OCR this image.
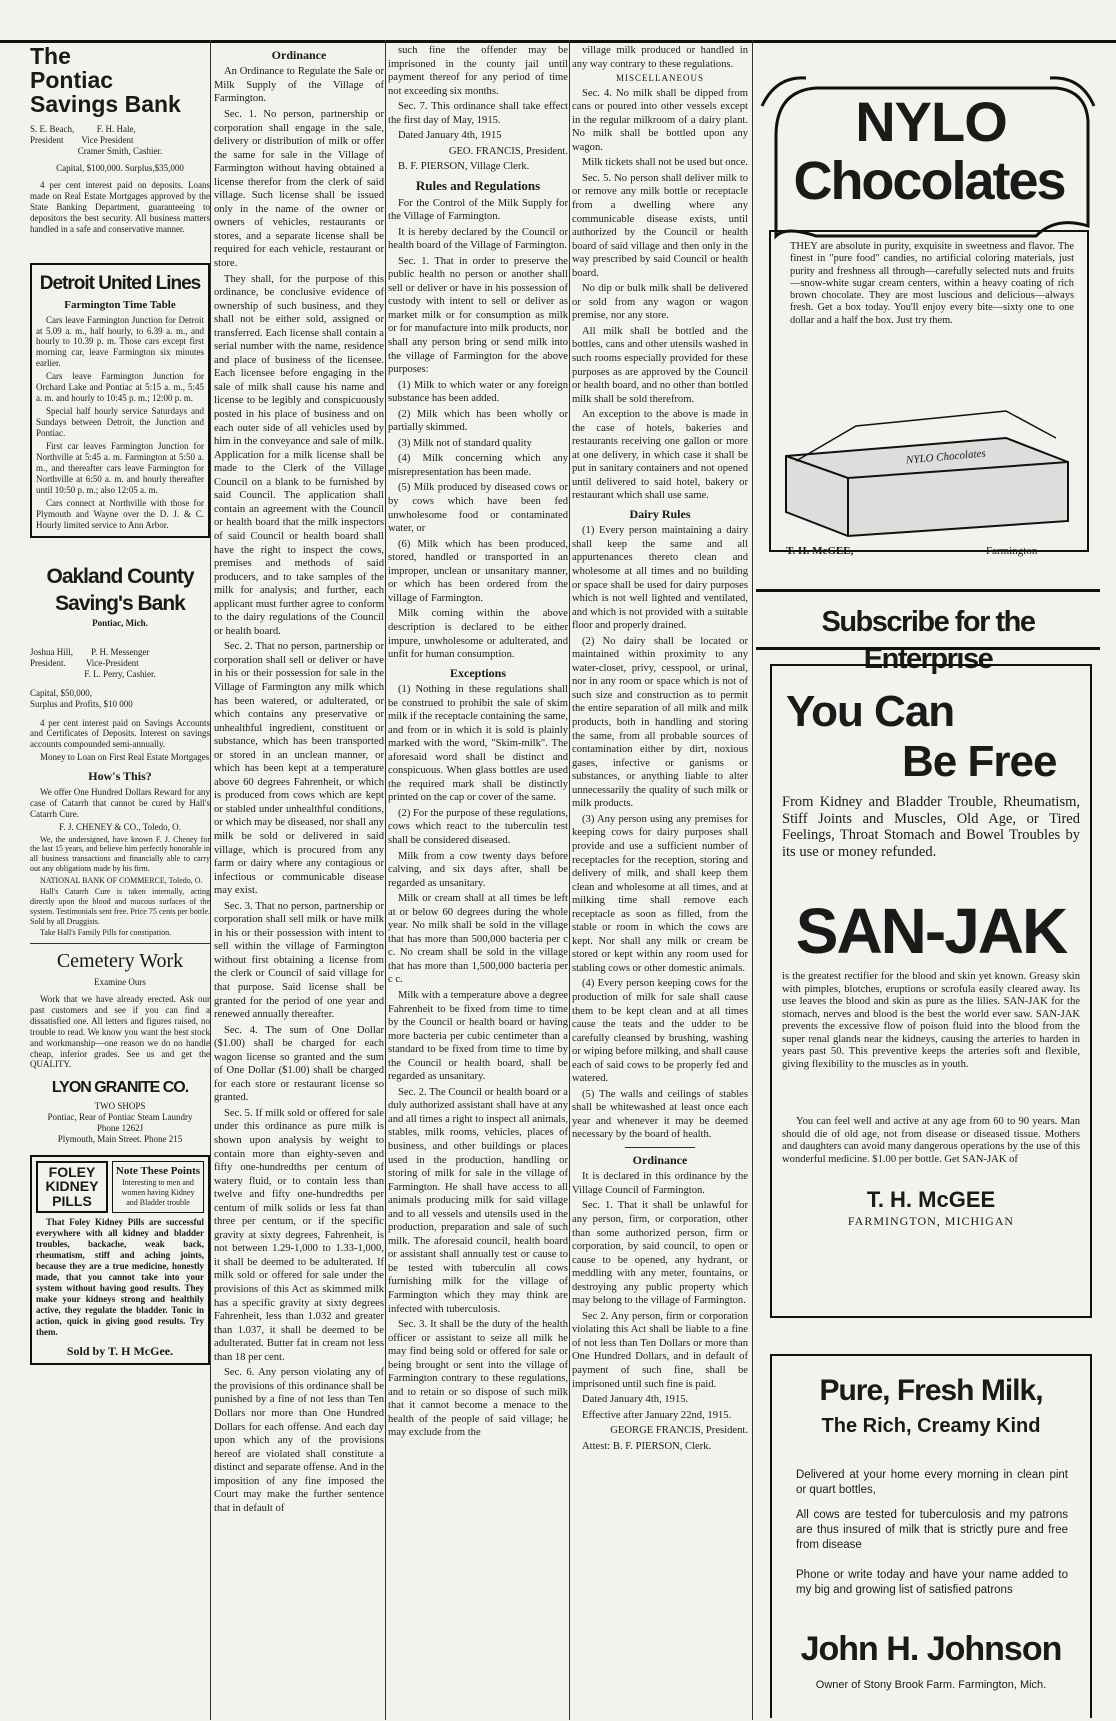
The
Pontiac
Savings Bank
S. E. Beach,          F. H. Hale,
President        Vice President
Cramer Smith, Cashier.
Capital, $100,000. Surplus,$35,000

4 per cent interest paid on deposits. Loans made on Real Estate Mortgages approved by the State Banking Department, guaranteeing to depositors the best security. All business matters handled in a safe and conservative manner.

Detroit United Lines
Farmington Time Table

Cars leave Farmington Junction for Detroit at 5.09 a. m., half hourly, to 6.39 a. m., and hourly to 10.39 p. m. Those cars except first morning car, leave Farmington six minutes earlier.

Cars leave Farmington Junction for Orchard Lake and Pontiac at 5:15 a. m., 5:45 a. m. and hourly to 10:45 p. m.; 12:00 p. m.

Special half hourly service Saturdays and Sundays between Detroit, the Junction and Pontiac.

First car leaves Farmington Junction for Northville at 5:45 a. m. Farmington at 5:50 a. m., and thereafter cars leave Farmington for Northville at 6:50 a. m. and hourly thereafter until 10:50 p. m.; also 12:05 a. m.

Cars connect at Northville with those for Plymouth and Wayne over the D. J. & C. Hourly limited service to Ann Arbor.

Oakland County
Saving's Bank
Pontiac, Mich.
Joshua Hill,        P. H. Messenger
President.         Vice-President
F. L. Perry, Cashier.
Capital, $50,000,
Surplus and Profits, $10 000

4 per cent interest paid on Savings Accounts and Certificates of Deposits. Interest on savings accounts compounded semi-annually.

Money to Loan on First Real Estate Mortgages

How's This?

We offer One Hundred Dollars Reward for any case of Catarrh that cannot be cured by Hall's Catarrh Cure.

F. J. CHENEY & CO., Toledo, O.

We, the undersigned, have known F. J. Cheney for the last 15 years, and believe him perfectly honorable in all business transactions and financially able to carry out any obligations made by his firm.

NATIONAL BANK OF COMMERCE, Toledo, O.

Hall's Catarrh Cure is taken internally, acting directly upon the blood and mucous surfaces of the system. Testimonials sent free. Price 75 cents per bottle. Sold by all Druggists.

Take Hall's Family Pills for constipation.

Cemetery Work
Examine Ours

Work that we have already erected. Ask our past customers and see if you can find a dissatisfied one. All letters and figures raised, no trouble to read. We know you want the best stock and workmanship—one reason we do no handle cheap, inferior grades. See us and get the QUALITY.

LYON GRANITE CO.
TWO SHOPS
Pontiac, Rear of Pontiac Steam Laundry
Phone 1262J
Plymouth, Main Street. Phone 215
FOLEY KIDNEY PILLS
Note These Points
Interesting to men and women having Kidney and Bladder trouble

That Foley Kidney Pills are successful everywhere with all kidney and bladder troubles, backache, weak back, rheumatism, stiff and aching joints, because they are a true medicine, honestly made, that you cannot take into your system without having good results. They make your kidneys strong and healthily active, they regulate the bladder. Tonic in action, quick in giving good results. Try them.

Sold by T. H McGee.
Ordinance

An Ordinance to Regulate the Sale or Milk Supply of the Village of Farmington.

Sec. 1. No person, partnership or corporation shall engage in the sale, delivery or distribution of milk or offer the same for sale in the Village of Farmington without having obtained a license therefor from the clerk of said village. Such license shall be issued only in the name of the owner or owners of vehicles, restaurants or stores, and a separate license shall be required for each vehicle, restaurant or store.

They shall, for the purpose of this ordinance, be conclusive evidence of ownership of such business, and they shall not be either sold, assigned or transferred. Each license shall contain a serial number with the name, residence and place of business of the licensee. Each licensee before engaging in the sale of milk shall cause his name and license to be legibly and conspicuously posted in his place of business and on each outer side of all vehicles used by him in the conveyance and sale of milk. Application for a milk license shall be made to the Clerk of the Village Council on a blank to be furnished by said Council. The application shall contain an agreement with the Council or health board that the milk inspectors of said Council or health board shall have the right to inspect the cows, premises and methods of said producers, and to take samples of the milk for analysis; and further, each applicant must further agree to conform to the dairy regulations of the Council or health board.

Sec. 2. That no person, partnership or corporation shall sell or deliver or have in his or their possession for sale in the Village of Farmington any milk which has been watered, or adulterated, or which contains any preservative or unhealthful ingredient, constituent or substance, which has been transported or stored in an unclean manner, or which has been kept at a temperature above 60 degrees Fahrenheit, or which is produced from cows which are kept or stabled under unhealthful conditions, or which may be diseased, nor shall any milk be sold or delivered in said village, which is procured from any farm or dairy where any contagious or infectious or communicable disease may exist.

Sec. 3. That no person, partnership or corporation shall sell milk or have milk in his or their possession with intent to sell within the village of Farmington without first obtaining a license from the clerk or Council of said village for that purpose. Said license shall be granted for the period of one year and renewed annually thereafter.

Sec. 4. The sum of One Dollar ($1.00) shall be charged for each wagon license so granted and the sum of One Dollar ($1.00) shall be charged for each store or restaurant license so granted.

Sec. 5. If milk sold or offered for sale under this ordinance as pure milk is shown upon analysis by weight to contain more than eighty-seven and fifty one-hundredths per centum of watery fluid, or to contain less than twelve and fifty one-hundredths per centum of milk solids or less fat than three per centum, or if the specific gravity at sixty degrees, Fahrenheit, is not between 1.29-1,000 to 1.33-1,000, it shall be deemed to be adulterated. If milk sold or offered for sale under the provisions of this Act as skimmed milk has a specific gravity at sixty degrees Fahrenheit, less than 1.032 and greater than 1.037, it shall be deemed to be adulterated. Butter fat in cream not less than 18 per cent.

Sec. 6. Any person violating any of the provisions of this ordinance shall be punished by a fine of not less than Ten Dollars nor more than One Hundred Dollars for each offense. And each day upon which any of the provisions hereof are violated shall constitute a distinct and separate offense. And in the imposition of any fine imposed the Court may make the further sentence that in default of

such fine the offender may be imprisoned in the county jail until payment thereof for any period of time not exceeding six months.

Sec. 7. This ordinance shall take effect the first day of May, 1915.

Dated January 4th, 1915

GEO. FRANCIS, President.

B. F. PIERSON, Village Clerk.

Rules and Regulations

For the Control of the Milk Supply for the Village of Farmington.

It is hereby declared by the Council or health board of the Village of Farmington.

Sec. 1. That in order to preserve the public health no person or another shall sell or deliver or have in his possession of custody with intent to sell or deliver as market milk or for consumption as milk or for manufacture into milk products, nor shall any person bring or send milk into the village of Farmington for the above purposes:

(1) Milk to which water or any foreign substance has been added.

(2) Milk which has been wholly or partially skimmed.

(3) Milk not of standard quality

(4) Milk concerning which any misrepresentation has been made.

(5) Milk produced by diseased cows or by cows which have been fed unwholesome food or contaminated water, or

(6) Milk which has been produced, stored, handled or transported in an improper, unclean or unsanitary manner, or which has been ordered from the village of Farmington.

Milk coming within the above description is declared to be either impure, unwholesome or adulterated, and unfit for human consumption.

Exceptions

(1) Nothing in these regulations shall be construed to prohibit the sale of skim milk if the receptacle containing the same, and from or in which it is sold is plainly marked with the word, "Skim-milk". The aforesaid word shall be distinct and conspicuous. When glass bottles are used the required mark shall be distinctly printed on the cap or cover of the same.

(2) For the purpose of these regulations, cows which react to the tuberculin test shall be considered diseased.

Milk from a cow twenty days before calving, and six days after, shall be regarded as unsanitary.

Milk or cream shall at all times be left at or below 60 degrees during the whole year. No milk shall be sold in the village that has more than 500,000 bacteria per c c. No cream shall be sold in the village that has more than 1,500,000 bacteria per c c.

Milk with a temperature above a degree Fahrenheit to be fixed from time to time by the Council or health board or having more bacteria per cubic centimeter than a standard to be fixed from time to time by the Council or health board, shall be regarded as unsanitary.

Sec. 2. The Council or health board or a duly authorized assistant shall have at any and all times a right to inspect all animals, stables, milk rooms, vehicles, places of business, and other buildings or places used in the production, handling or storing of milk for sale in the village of Farmington. He shall have access to all animals producing milk for said village and to all vessels and utensils used in the production, preparation and sale of such milk. The aforesaid council, health board or assistant shall annually test or cause to be tested with tuberculin all cows furnishing milk for the village of Farmington which they may think are infected with tuberculosis.

Sec. 3. It shall be the duty of the health officer or assistant to seize all milk he may find being sold or offered for sale or being brought or sent into the village of Farmington contrary to these regulations, and to retain or so dispose of such milk that it cannot become a menace to the health of the people of said village; he may exclude from the

village milk produced or handled in any way contrary to these regulations.

MISCELLANEOUS

Sec. 4. No milk shall be dipped from cans or poured into other vessels except in the regular milkroom of a dairy plant. No milk shall be bottled upon any wagon.

Milk tickets shall not be used but once.

Sec. 5. No person shall deliver milk to or remove any milk bottle or receptacle from a dwelling where any communicable disease exists, until authorized by the Council or health board of said village and then only in the way prescribed by said Council or health board.

No dip or bulk milk shall be delivered or sold from any wagon or wagon premise, nor any store.

All milk shall be bottled and the bottles, cans and other utensils washed in such rooms especially provided for these purposes as are approved by the Council or health board, and no other than bottled milk shall be sold therefrom.

An exception to the above is made in the case of hotels, bakeries and restaurants receiving one gallon or more at one delivery, in which case it shall be put in sanitary containers and not opened until delivered to said hotel, bakery or restaurant which shall use same.

Dairy Rules

(1) Every person maintaining a dairy shall keep the same and all appurtenances thereto clean and wholesome at all times and no building or space shall be used for dairy purposes which is not well lighted and ventilated, and which is not provided with a suitable floor and properly drained.

(2) No dairy shall be located or maintained within proximity to any water-closet, privy, cesspool, or urinal, nor in any room or space which is not of such size and construction as to permit the entire separation of all milk and milk products, both in handling and storing the same, from all probable sources of contamination either by dirt, noxious gases, infective or ganisms or substances, or anything liable to alter unnecessarily the quality of such milk or milk products.

(3) Any person using any premises for keeping cows for dairy purposes shall provide and use a sufficient number of receptacles for the reception, storing and delivery of milk, and shall keep them clean and wholesome at all times, and at milking time shall remove each receptacle as soon as filled, from the stable or room in which the cows are kept. Nor shall any milk or cream be stored or kept within any room used for stabling cows or other domestic animals.

(4) Every person keeping cows for the production of milk for sale shall cause them to be kept clean and at all times cause the teats and the udder to be carefully cleansed by brushing, washing or wiping before milking, and shall cause each of said cows to be properly fed and watered.

(5) The walls and ceilings of stables shall be whitewashed at least once each year and whenever it may be deemed necessary by the board of health.

Ordinance

It is declared in this ordinance by the Village Council of Farmington.

Sec. 1. That it shall be unlawful for any person, firm, or corporation, other than some authorized person, firm or corporation, by said council, to open or cause to be opened, any hydrant, or meddling with any meter, fountains, or destroying any public property which may belong to the village of Farmington.

Sec 2. Any person, firm or corporation violating this Act shall be liable to a fine of not less than Ten Dollars or more than One Hundred Dollars, and in default of payment of such fine, shall be imprisoned until such fine is paid.

Dated January 4th, 1915.

Effective after January 22nd, 1915.

GEORGE FRANCIS, President.

Attest: B. F. PIERSON, Clerk.

NYLO
Chocolates
THEY are absolute in purity, exquisite in sweetness and flavor. The finest in "pure food" candies, no artificial coloring materials, just purity and freshness all through—carefully selected nuts and fruits—snow-white sugar cream centers, within a heavy coating of rich brown chocolate. They are most luscious and delicious—always fresh. Get a box today. You'll enjoy every bite—sixty one to one dollar and a half the box. Just try them.
NYLO Chocolates
T. H. McGEE,	Farmington
Subscribe for the Enterprise
You Can
Be Free
From Kidney and Bladder Trouble, Rheumatism, Stiff Joints and Muscles, Old Age, or Tired Feelings, Throat Stomach and Bowel Troubles by its use or money refunded.
SAN-JAK
is the greatest rectifier for the blood and skin yet known. Greasy skin with pimples, blotches, eruptions or scrofula easily cleared away. Its use leaves the blood and skin as pure as the lilies. SAN-JAK for the stomach, nerves and blood is the best the world ever saw. SAN-JAK prevents the excessive flow of poison fluid into the blood from the super renal glands near the kidneys, causing the arteries to harden in years past 50. This preventive keeps the arteries soft and flexible, giving flexibility to the muscles as in youth.
You can feel well and active at any age from 60 to 90 years. Man should die of old age, not from disease or diseased tissue. Mothers and daughters can avoid many dangerous operations by the use of this wonderful medicine. $1.00 per bottle. Get SAN-JAK of
T. H. McGEE
FARMINGTON, MICHIGAN
Pure, Fresh Milk,
The Rich, Creamy Kind
Delivered at your home every morning in clean pint or quart bottles,
All cows are tested for tuberculosis and my patrons are thus insured of milk that is strictly pure and free from disease
Phone or write today and have your name added to my big and growing list of satisfied patrons
John H. Johnson
Owner of Stony Brook Farm. Farmington, Mich.
